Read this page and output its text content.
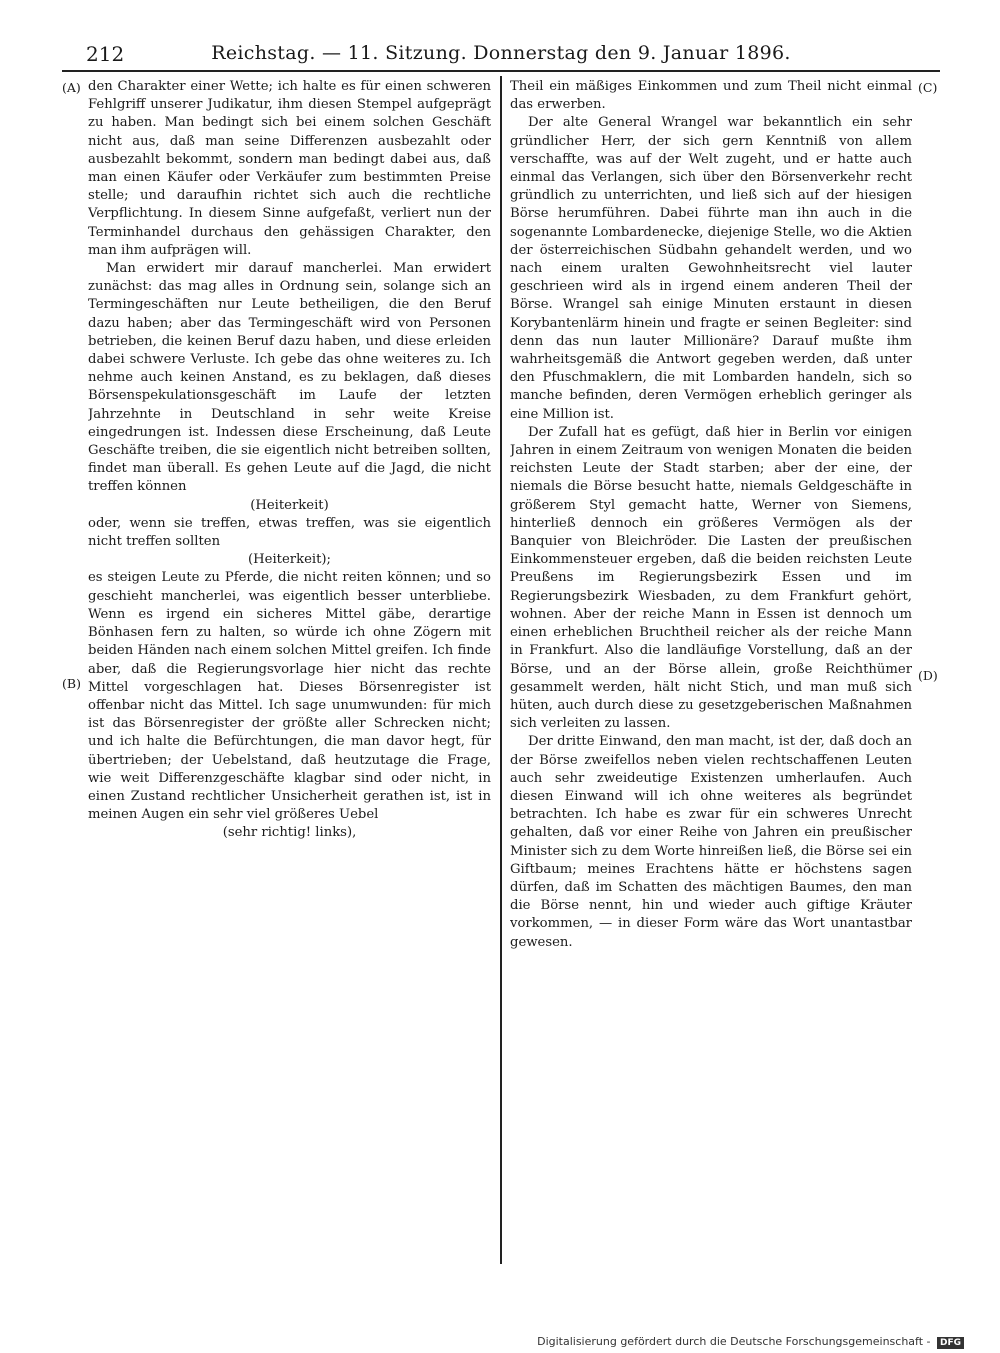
212	Reichstag. — 11. Sitzung. Donnerstag den 9. Januar 1896.
(A)
(B)
(C)
(D)

den Charakter einer Wette; ich halte es für einen schweren Fehlgriff unserer Judikatur, ihm diesen Stempel aufgeprägt zu haben. Man bedingt sich bei einem solchen Geschäft nicht aus, daß man seine Differenzen ausbezahlt oder ausbezahlt bekommt, sondern man bedingt dabei aus, daß man einen Käufer oder Verkäufer zum bestimmten Preise stelle; und daraufhin richtet sich auch die rechtliche Verpflichtung. In diesem Sinne aufgefaßt, verliert nun der Terminhandel durchaus den gehässigen Charakter, den man ihm aufprägen will.

Man erwidert mir darauf mancherlei. Man erwidert zunächst: das mag alles in Ordnung sein, solange sich an Termingeschäften nur Leute betheiligen, die den Beruf dazu haben; aber das Termingeschäft wird von Personen betrieben, die keinen Beruf dazu haben, und diese erleiden dabei schwere Verluste. Ich gebe das ohne weiteres zu. Ich nehme auch keinen Anstand, es zu beklagen, daß dieses Börsenspekulationsgeschäft im Laufe der letzten Jahrzehnte in Deutschland in sehr weite Kreise eingedrungen ist. Indessen diese Erscheinung, daß Leute Geschäfte treiben, die sie eigentlich nicht betreiben sollten, findet man überall. Es gehen Leute auf die Jagd, die nicht treffen können

(Heiterkeit)

oder, wenn sie treffen, etwas treffen, was sie eigentlich nicht treffen sollten

(Heiterkeit);

es steigen Leute zu Pferde, die nicht reiten können; und so geschieht mancherlei, was eigentlich besser unterbliebe. Wenn es irgend ein sicheres Mittel gäbe, derartige Bönhasen fern zu halten, so würde ich ohne Zögern mit beiden Händen nach einem solchen Mittel greifen. Ich finde aber, daß die Regierungsvorlage hier nicht das rechte Mittel vorgeschlagen hat. Dieses Börsenregister ist offenbar nicht das Mittel. Ich sage unumwunden: für mich ist das Börsenregister der größte aller Schrecken nicht; und ich halte die Befürchtungen, die man davor hegt, für übertrieben; der Uebelstand, daß heutzutage die Frage, wie weit Differenzgeschäfte klagbar sind oder nicht, in einen Zustand rechtlicher Unsicherheit gerathen ist, ist in meinen Augen ein sehr viel größeres Uebel

(sehr richtig! links),

Theil ein mäßiges Einkommen und zum Theil nicht einmal das erwerben.

Der alte General Wrangel war bekanntlich ein sehr gründlicher Herr, der sich gern Kenntniß von allem verschaffte, was auf der Welt zugeht, und er hatte auch einmal das Verlangen, sich über den Börsenverkehr recht gründlich zu unterrichten, und ließ sich auf der hiesigen Börse herumführen. Dabei führte man ihn auch in die sogenannte Lombardenecke, diejenige Stelle, wo die Aktien der österreichischen Südbahn gehandelt werden, und wo nach einem uralten Gewohnheitsrecht viel lauter geschrieen wird als in irgend einem anderen Theil der Börse. Wrangel sah einige Minuten erstaunt in diesen Korybantenlärm hinein und fragte er seinen Begleiter: sind denn das nun lauter Millionäre? Darauf mußte ihm wahrheitsgemäß die Antwort gegeben werden, daß unter den Pfuschmaklern, die mit Lombarden handeln, sich so manche befinden, deren Vermögen erheblich geringer als eine Million ist.

Der Zufall hat es gefügt, daß hier in Berlin vor einigen Jahren in einem Zeitraum von wenigen Monaten die beiden reichsten Leute der Stadt starben; aber der eine, der niemals die Börse besucht hatte, niemals Geldgeschäfte in größerem Styl gemacht hatte, Werner von Siemens, hinterließ dennoch ein größeres Vermögen als der Banquier von Bleichröder. Die Lasten der preußischen Einkommensteuer ergeben, daß die beiden reichsten Leute Preußens im Regierungsbezirk Essen und im Regierungsbezirk Wiesbaden, zu dem Frankfurt gehört, wohnen. Aber der reiche Mann in Essen ist dennoch um einen erheblichen Bruchtheil reicher als der reiche Mann in Frankfurt. Also die landläufige Vorstellung, daß an der Börse, und an der Börse allein, große Reichthümer gesammelt werden, hält nicht Stich, und man muß sich hüten, auch durch diese zu gesetzgeberischen Maßnahmen sich verleiten zu lassen.

Der dritte Einwand, den man macht, ist der, daß doch an der Börse zweifellos neben vielen rechtschaffenen Leuten auch sehr zweideutige Existenzen umherlaufen. Auch diesen Einwand will ich ohne weiteres als begründet betrachten. Ich habe es zwar für ein schweres Unrecht gehalten, daß vor einer Reihe von Jahren ein preußischer Minister sich zu dem Worte hinreißen ließ, die Börse sei ein Giftbaum; meines Erachtens hätte er höchstens sagen dürfen, daß im Schatten des mächtigen Baumes, den man die Börse nennt, hin und wieder auch giftige Kräuter vorkommen, — in dieser Form wäre das Wort unantastbar gewesen.

Digitalisierung gefördert durch die Deutsche Forschungsgemeinschaft - DFG
